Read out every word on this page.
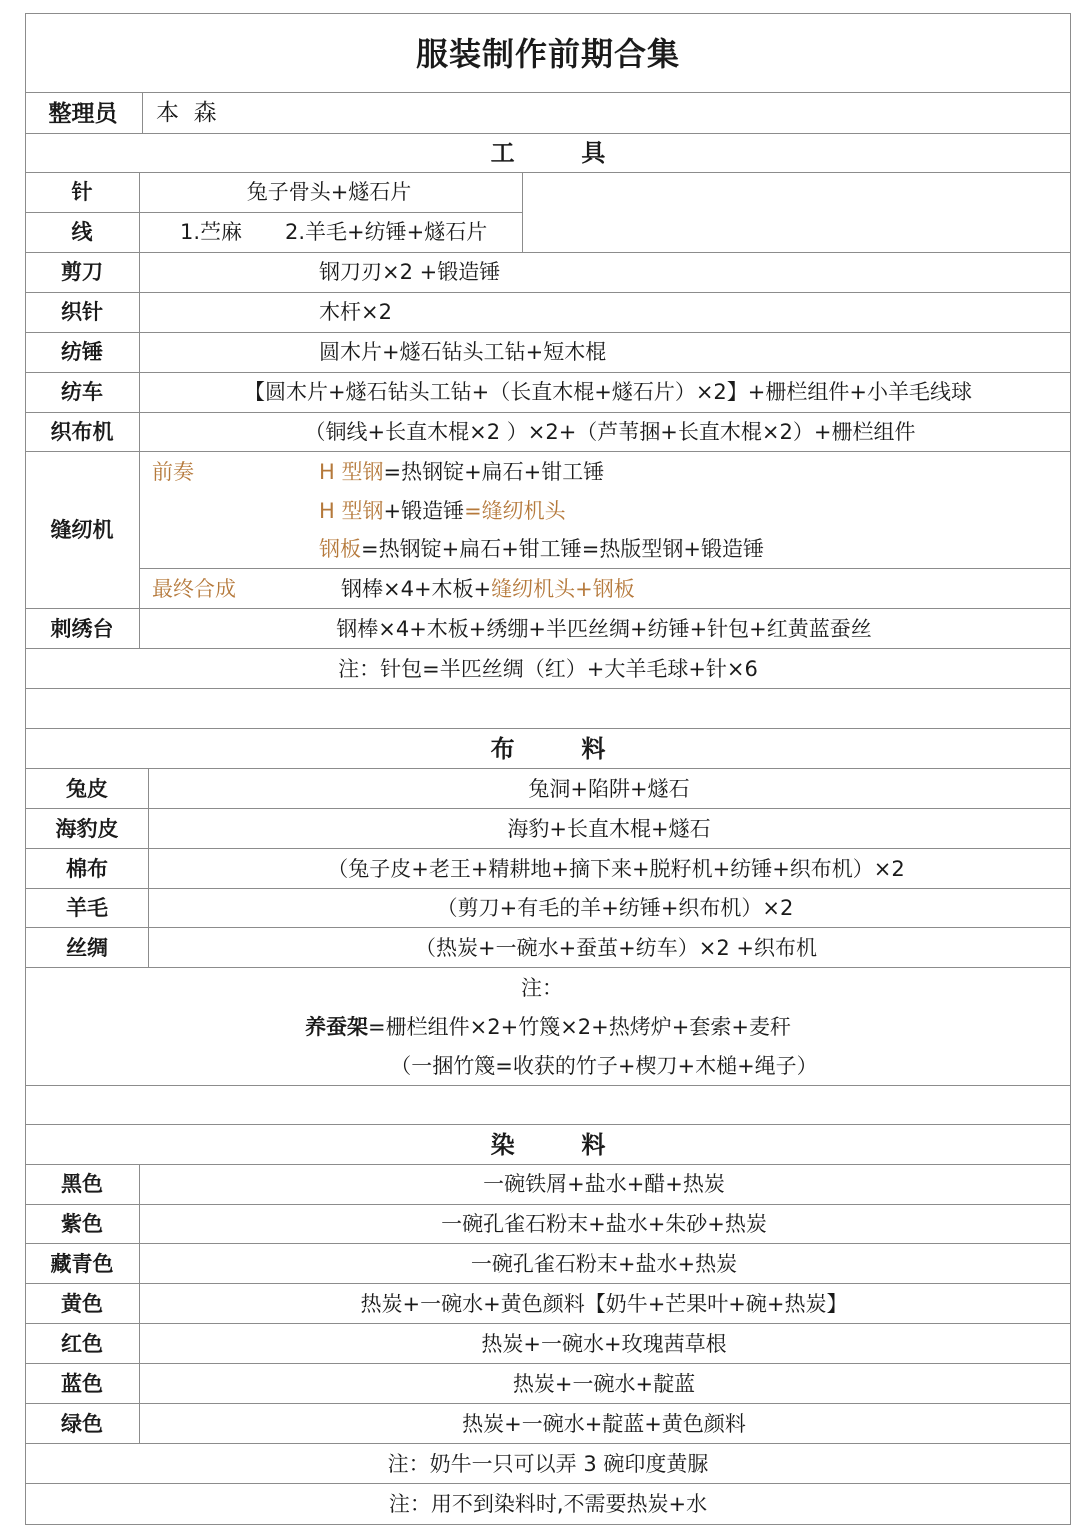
服装制作前期合集
整理员 本  森
工        具
针	兔子骨头+燧石片
线	1.苎麻 2.羊毛+纺锤+燧石片
剪刀	钢刀刃×2 +锻造锤
织针	木杆×2
纺锤	圆木片+燧石钻头工钻+短木棍
纺车	【圆木片+燧石钻头工钻+（长直木棍+燧石片）×2】+栅栏组件+小羊毛线球
织布机	（铜线+长直木棍×2 ）×2+（芦苇捆+长直木棍×2）+栅栏组件
缝纫机
前奏	H 型钢=热钢锭+扁石+钳工锤
H 型钢+锻造锤=缝纫机头
钢板=热钢锭+扁石+钳工锤=热版型钢+锻造锤
最终合成	钢棒×4+木板+缝纫机头+钢板
刺绣台	钢棒×4+木板+绣绷+半匹丝绸+纺锤+针包+红黄蓝蚕丝
注：针包=半匹丝绸（红）+大羊毛球+针×6
布        料
兔皮	兔洞+陷阱+燧石
海豹皮	海豹+长直木棍+燧石
棉布	（兔子皮+老王+精耕地+摘下来+脱籽机+纺锤+织布机）×2
羊毛	（剪刀+有毛的羊+纺锤+织布机）×2
丝绸	（热炭+一碗水+蚕茧+纺车）×2 +织布机
注：
养蚕架=栅栏组件×2+竹篾×2+热烤炉+套索+麦秆
（一捆竹篾=收获的竹子+楔刀+木槌+绳子）
染        料
黑色	一碗铁屑+盐水+醋+热炭
紫色	一碗孔雀石粉末+盐水+朱砂+热炭
藏青色	一碗孔雀石粉末+盐水+热炭
黄色	热炭+一碗水+黄色颜料【奶牛+芒果叶+碗+热炭】
红色	热炭+一碗水+玫瑰茜草根
蓝色	热炭+一碗水+靛蓝
绿色	热炭+一碗水+靛蓝+黄色颜料
注：奶牛一只可以弄 3 碗印度黄脲
注：用不到染料时,不需要热炭+水
